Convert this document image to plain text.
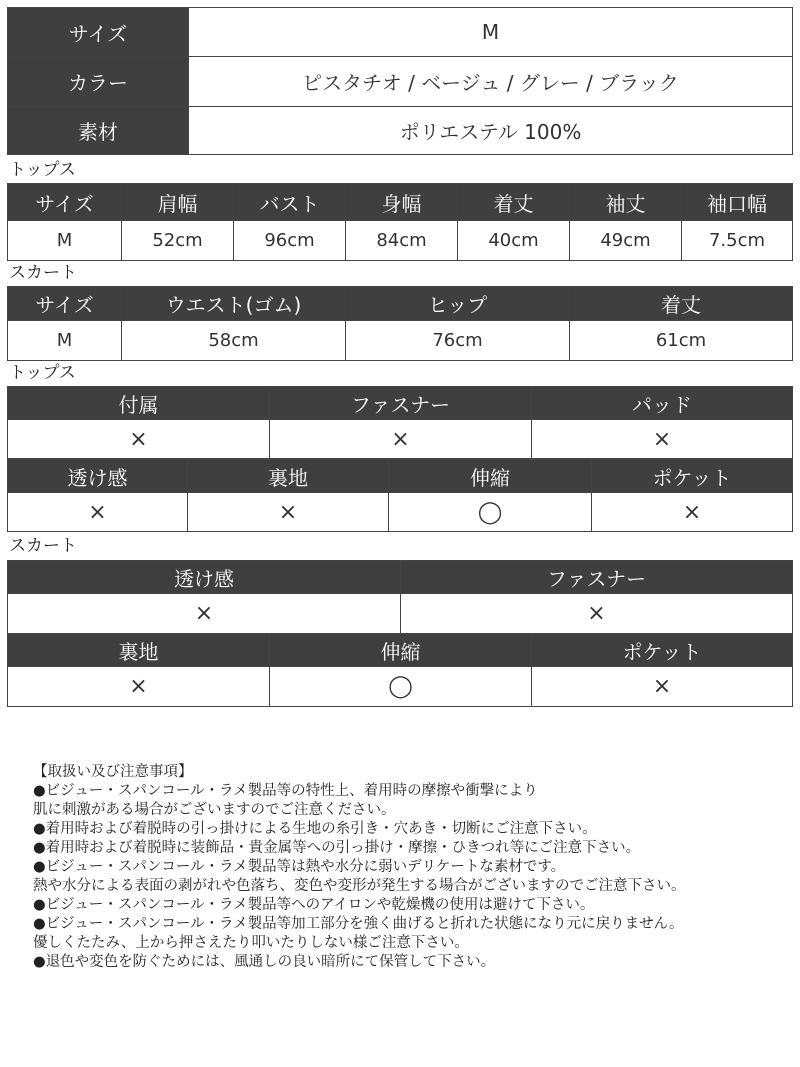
サイズ	M
カラー	ピスタチオ / ベージュ / グレー / ブラック
素材	ポリエステル 100%
トップス
サイズ	肩幅	バスト	身幅	着丈	袖丈	袖口幅
M	52cm	96cm	84cm	40cm	49cm	7.5cm
スカート
サイズ	ウエスト(ゴム)	ヒップ	着丈
M	58cm	76cm	61cm
トップス
付属	ファスナー	パッド
×	×	×
透け感	裏地	伸縮	ポケット
×	×	◯	×
スカート
透け感	ファスナー
×	×
裏地	伸縮	ポケット
×	◯	×
【取扱い及び注意事項】
●ビジュー・スパンコール・ラメ製品等の特性上、着用時の摩擦や衝撃により
肌に刺激がある場合がございますのでご注意ください。
●着用時および着脱時の引っ掛けによる生地の糸引き・穴あき・切断にご注意下さい。
●着用時および着脱時に装飾品・貴金属等への引っ掛け・摩擦・ひきつれ等にご注意下さい。
●ビジュー・スパンコール・ラメ製品等は熱や水分に弱いデリケートな素材です。
熱や水分による表面の剥がれや色落ち、変色や変形が発生する場合がございますのでご注意下さい。
●ビジュー・スパンコール・ラメ製品等へのアイロンや乾燥機の使用は避けて下さい。
●ビジュー・スパンコール・ラメ製品等加工部分を強く曲げると折れた状態になり元に戻りません。
優しくたたみ、上から押さえたり叩いたりしない様ご注意下さい。
●退色や変色を防ぐためには、風通しの良い暗所にて保管して下さい。
